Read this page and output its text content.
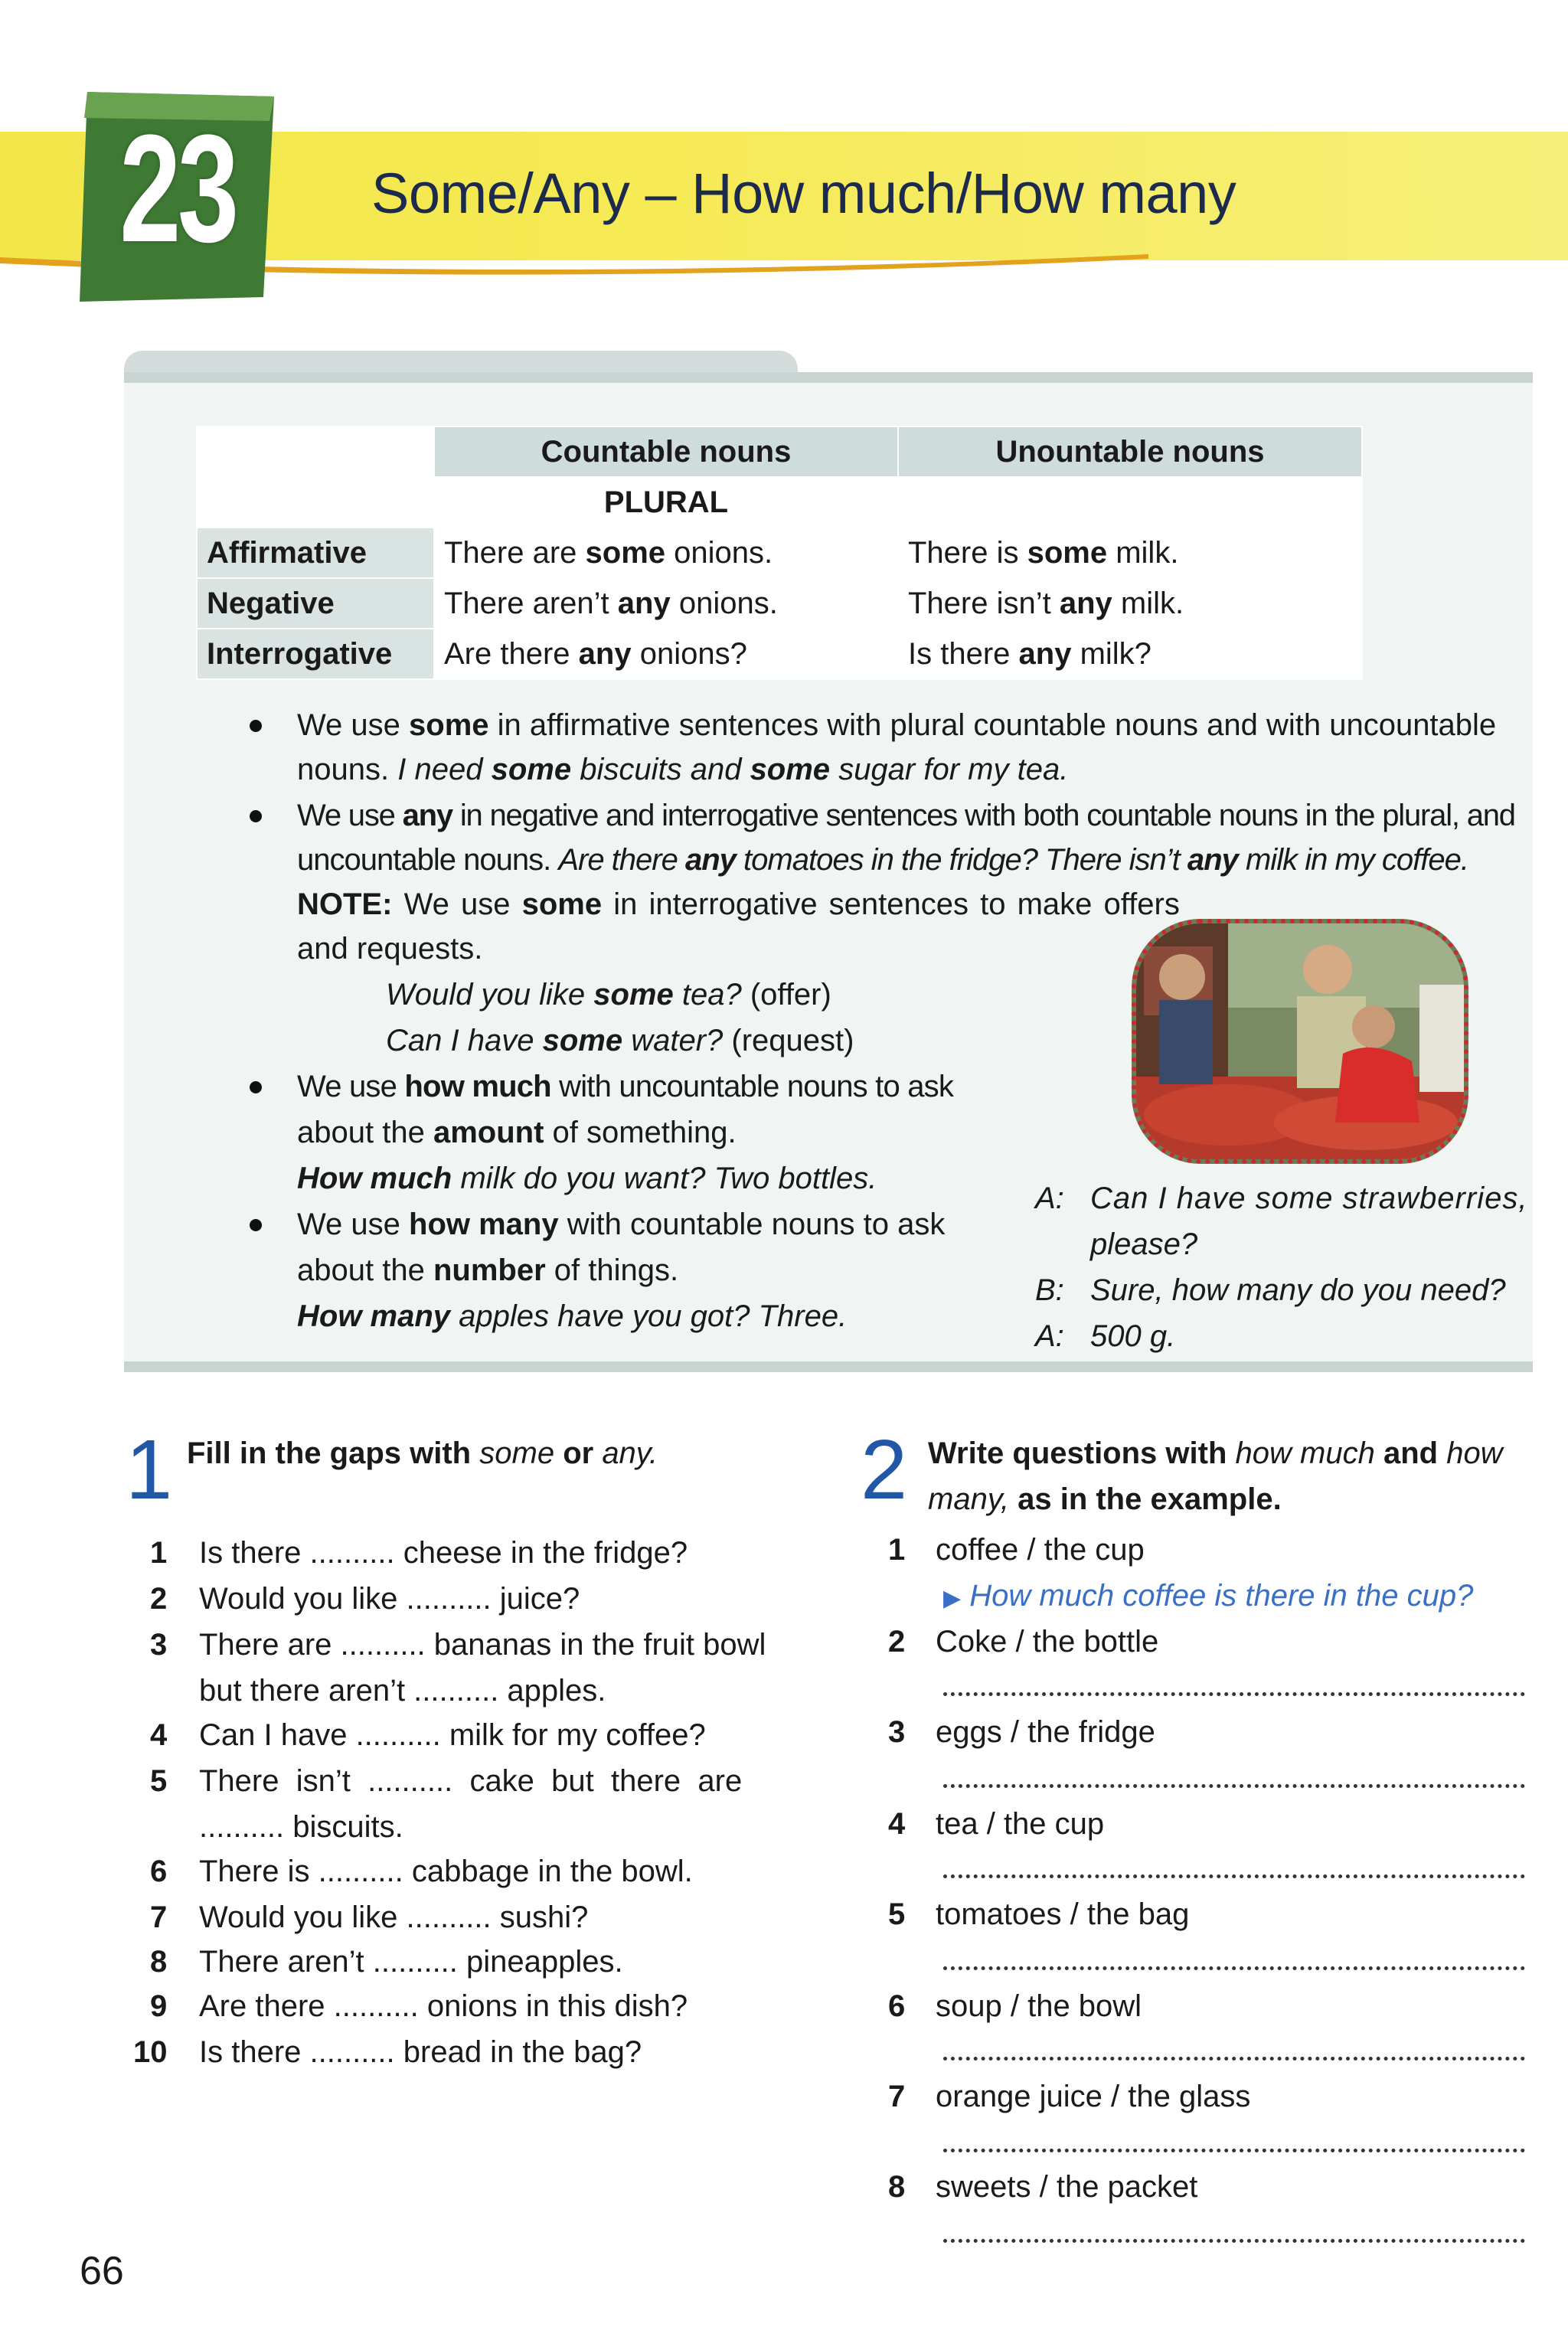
23 Some/Any – How much/How many
	Countable nouns	Unountable nouns
	PLURAL	
Affirmative	There are some onions.	There is some milk.
Negative	There aren’t any onions.	There isn’t any milk.
Interrogative	Are there any onions?	Is there any milk?
We use some in affirmative sentences with plural countable nouns and with uncountable
nouns. I need some biscuits and some sugar for my tea.
We use any in negative and interrogative sentences with both countable nouns in the plural, and
uncountable nouns. Are there any tomatoes in the fridge? There isn’t any milk in my coffee.
NOTE: We use some in interrogative sentences to make offers
and requests.
Would you like some tea? (offer)
Can I have some water? (request)
We use how much with uncountable nouns to ask
about the amount of something.
How much milk do you want? Two bottles.
We use how many with countable nouns to ask
about the number of things.
How many apples have you got? Three.
A: Can I have some strawberries,
please?
B: Sure, how many do you need?
A: 500 g.
1 Fill in the gaps with some or any.
1 Is there .......... cheese in the fridge?
2 Would you like .......... juice?
3 There are .......... bananas in the fruit bowl
but there aren’t .......... apples.
4 Can I have .......... milk for my coffee?
5 There  isn’t  ..........  cake  but  there  are
.......... biscuits.
6 There is .......... cabbage in the bowl.
7 Would you like .......... sushi?
8 There aren’t .......... pineapples.
9 Are there .......... onions in this dish?
10 Is there .......... bread in the bag?
2 Write questions with how much and how
many, as in the example.
1 coffee / the cup
▶ How much coffee is there in the cup?
2 Coke / the bottle
3 eggs / the fridge
4 tea / the cup
5 tomatoes / the bag
6 soup / the bowl
7 orange juice / the glass
8 sweets / the packet
66
